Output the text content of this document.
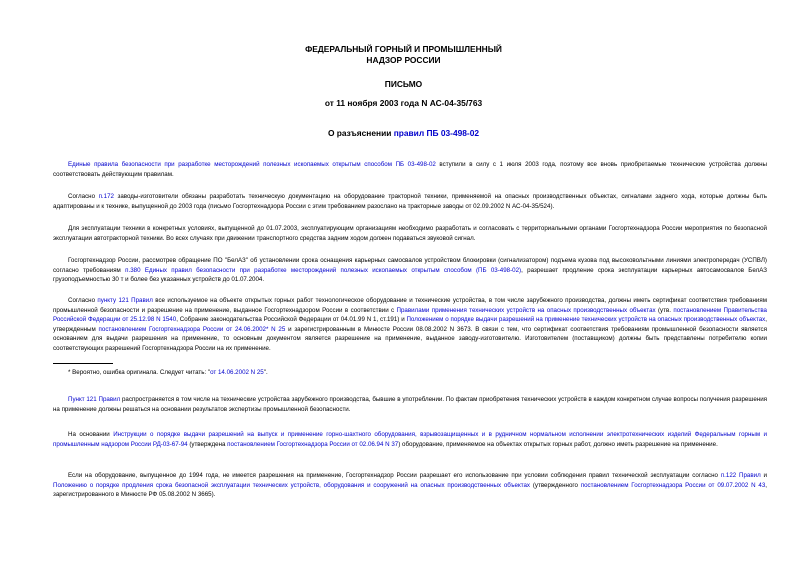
ФЕДЕРАЛЬНЫЙ ГОРНЫЙ И ПРОМЫШЛЕННЫЙ
НАДЗОР РОССИИ
ПИСЬМО
от 11 ноября 2003 года N АС-04-35/763
О разъяснении правил ПБ 03-498-02

Единые правила безопасности при разработке месторождений полезных ископаемых открытым способом ПБ 03-498-02 вступили в силу с 1 июля 2003 года, поэтому все вновь приобретаемые технические устройства должны соответствовать действующим правилам.

Согласно п.172 заводы-изготовители обязаны разработать техническую документацию на оборудование тракторной техники, применяемой на опасных производственных объектах, сигналами заднего хода, которые должны быть адаптированы и к технике, выпущенной до 2003 года (письмо Госгортехнадзора России с этим требованием разослано на тракторные заводы от 02.09.2002 N АС-04-35/524).

Для эксплуатации техники в конкретных условиях, выпущенной до 01.07.2003, эксплуатирующим организациям необходимо разработать и согласовать с территориальными органами Госгортехнадзора России мероприятия по безопасной эксплуатации автотракторной техники. Во всех случаях при движении транспортного средства задним ходом должен подаваться звуковой сигнал.

Госгортехнадзор России, рассмотрев обращение ПО "БелАЗ" об установлении срока оснащения карьерных самосвалов устройством блокировки (сигнализатором) подъема кузова под высоковольтными линиями электропередач (УСПВЛ) согласно требованиям п.380 Единых правил безопасности при разработке месторождений полезных ископаемых открытым способом (ПБ 03-498-02), разрешает продление срока эксплуатации карьерных автосамосвалов БелАЗ грузоподъемностью 30 т и более без указанных устройств до 01.07.2004.

Согласно пункту 121 Правил все используемое на объекте открытых горных работ технологическое оборудование и технические устройства, в том числе зарубежного производства, должны иметь сертификат соответствия требованиям промышленной безопасности и разрешение на применение, выданное Госгортехнадзором России в соответствии с Правилами применения технических устройств на опасных производственных объектах (утв. постановлением Правительства Российской Федерации от 25.12.98 N 1540, Собрание законодательства Российской Федерации от 04.01.99 N 1, ст.191) и Положением о порядке выдачи разрешений на применение технических устройств на опасных производственных объектах, утвержденным постановлением Госгортехнадзора России от 24.06.2002* N 25 и зарегистрированным в Минюсте России 08.08.2002 N 3673. В связи с тем, что сертификат соответствия требованиям промышленной безопасности является основанием для выдачи разрешения на применение, то основным документом является разрешение на применение, выданное заводу-изготовителю. Изготовителем (поставщиком) должны быть представлены потребителю копии соответствующих разрешений Госгортехнадзора России на их применение.

* Вероятно, ошибка оригинала. Следует читать: "от 14.06.2002 N 25".

Пункт 121 Правил распространяется в том числе на технические устройства зарубежного производства, бывшие в употреблении. По фактам приобретения технических устройств в каждом конкретном случае вопросы получения разрешения на применение должны решаться на основании результатов экспертизы промышленной безопасности.

На основании Инструкции о порядке выдачи разрешений на выпуск и применение горно-шахтного оборудования, взрывозащищенных и в рудничном нормальном исполнении электротехнических изделий Федеральным горным и промышленным надзором России РД-03-67-94 (утверждена постановлением Госгортехнадзора России от 02.06.94 N 37) оборудование, применяемое на объектах открытых горных работ, должно иметь разрешение на применение.

Если на оборудование, выпущенное до 1994 года, не имеется разрешения на применение, Госгортехнадзор России разрешает его использование при условии соблюдения правил технической эксплуатации согласно п.122 Правил и Положению о порядке продления срока безопасной эксплуатации технических устройств, оборудования и сооружений на опасных производственных объектах (утвержденного постановлением Госгортехнадзора России от 09.07.2002 N 43, зарегистрированного в Минюсте РФ 05.08.2002 N 3665).
